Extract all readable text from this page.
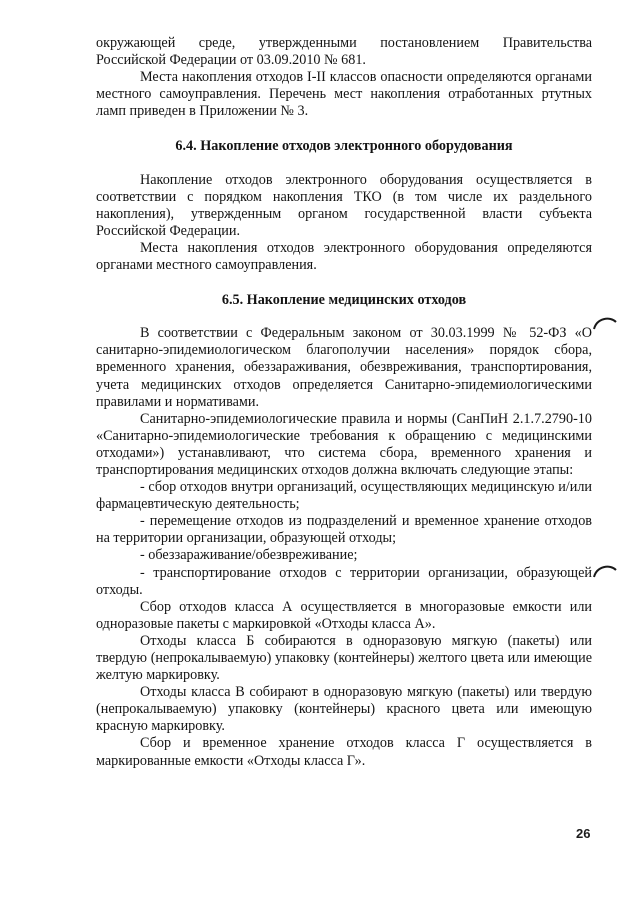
окружающей среде, утвержденными постановлением Правительства

Российской Федерации от 03.09.2010 № 681.

Места накопления отходов I-II классов опасности определяются органами местного самоуправления. Перечень мест накопления отработанных ртутных ламп приведен в Приложении № 3.

6.4. Накопление отходов электронного оборудования

Накопление отходов электронного оборудования осуществляется в соответствии с порядком накопления ТКО (в том числе их раздельного накопления), утвержденным органом государственной власти субъекта Российской Федерации.

Места накопления отходов электронного оборудования определяются органами местного самоуправления.

6.5. Накопление медицинских отходов

В соответствии с Федеральным законом от 30.03.1999 № 52-ФЗ «О санитарно-эпидемиологическом благополучии населения» порядок сбора, временного хранения, обеззараживания, обезвреживания, транспортирования, учета медицинских отходов определяется Санитарно-эпидемиологическими правилами и нормативами.

Санитарно-эпидемиологические правила и нормы (СанПиН 2.1.7.2790-10 «Санитарно-эпидемиологические требования к обращению с медицинскими отходами») устанавливают, что система сбора, временного хранения и транспортирования медицинских отходов должна включать следующие этапы:

- сбор отходов внутри организаций, осуществляющих медицинскую и/или фармацевтическую деятельность;

- перемещение отходов из подразделений и временное хранение отходов на территории организации, образующей отходы;

- обеззараживание/обезвреживание;

- транспортирование отходов с территории организации, образующей отходы.

Сбор отходов класса А осуществляется в многоразовые емкости или одноразовые пакеты с маркировкой «Отходы класса А».

Отходы класса Б собираются в одноразовую мягкую (пакеты) или твердую (непрокалываемую) упаковку (контейнеры) желтого цвета или имеющие желтую маркировку.

Отходы класса В собирают в одноразовую мягкую (пакеты) или твердую (непрокалываемую) упаковку (контейнеры) красного цвета или имеющую красную маркировку.

Сбор и временное хранение отходов класса Г осуществляется в маркированные емкости «Отходы класса Г».

26
